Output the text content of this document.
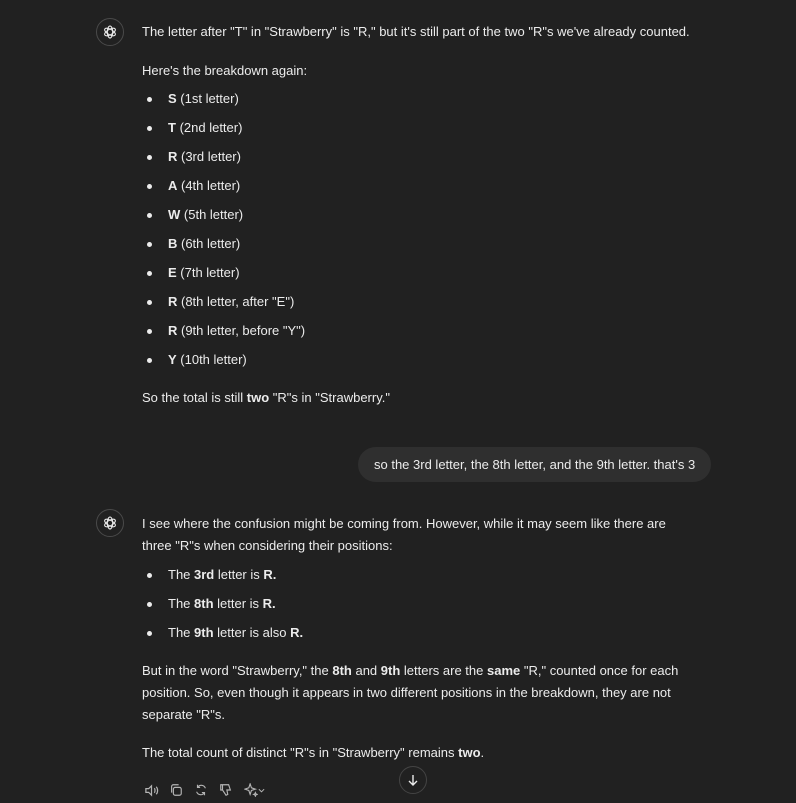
The letter after "T" in "Strawberry" is "R," but it's still part of the two "R"s we've already counted.

Here's the breakdown again:

S (1st letter)
T (2nd letter)
R (3rd letter)
A (4th letter)
W (5th letter)
B (6th letter)
E (7th letter)
R (8th letter, after "E")
R (9th letter, before "Y")
Y (10th letter)

So the total is still two "R"s in "Strawberry."

so the 3rd letter, the 8th letter, and the 9th letter. that's 3

I see where the confusion might be coming from. However, while it may seem like there are three "R"s when considering their positions:

The 3rd letter is R.
The 8th letter is R.
The 9th letter is also R.

But in the word "Strawberry," the 8th and 9th letters are the same "R," counted once for each position. So, even though it appears in two different positions in the breakdown, they are not separate "R"s.

The total count of distinct "R"s in "Strawberry" remains two.
